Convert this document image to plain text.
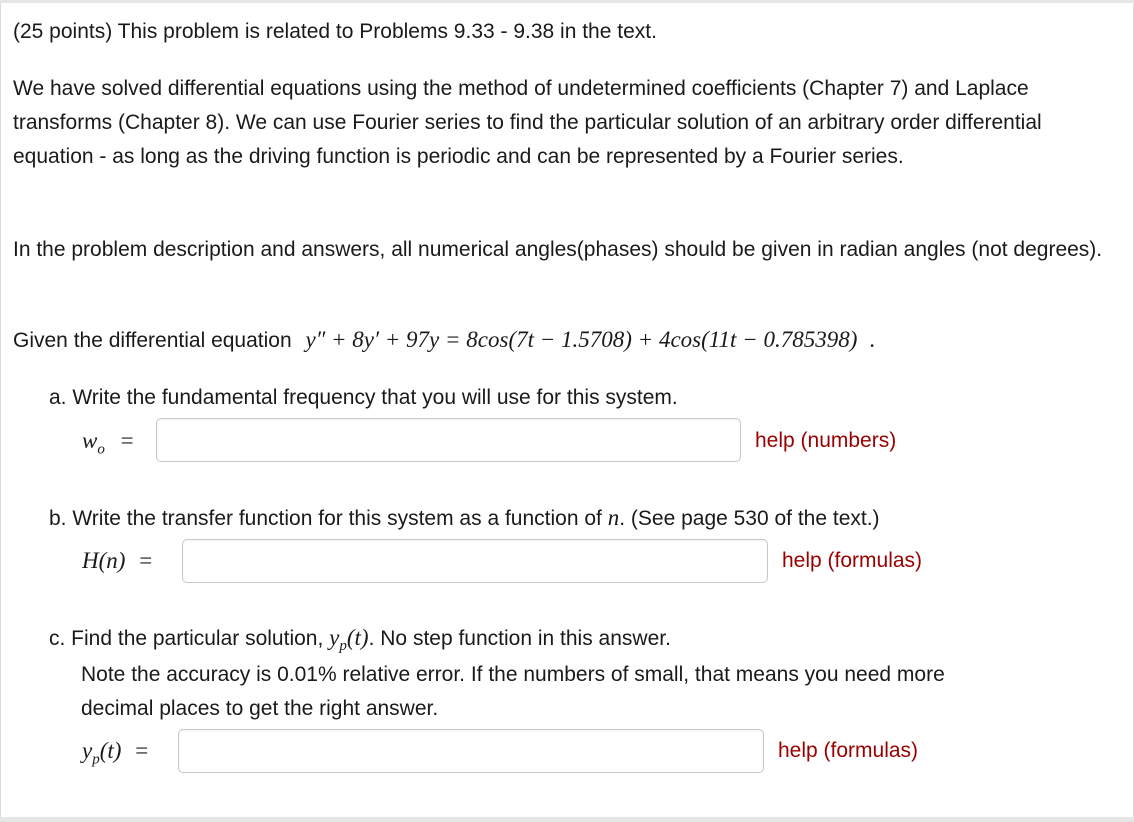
(25 points) This problem is related to Problems 9.33 - 9.38 in the text.

We have solved differential equations using the method of undetermined coefficients (Chapter 7) and Laplace transforms (Chapter 8). We can use Fourier series to find the particular solution of an arbitrary order differential equation - as long as the driving function is periodic and can be represented by a Fourier series.

In the problem description and answers, all numerical angles(phases) should be given in radian angles (not degrees).

Given the differential equation y″ + 8y′ + 97y = 8cos(7t − 1.5708) + 4cos(11t − 0.785398) .
a. Write the fundamental frequency that you will use for this system.
$w_o$ =	help (numbers)
b. Write the transfer function for this system as a function of n. (See page 530 of the text.)
H(n) =	help (formulas)
c. Find the particular solution, $y_p(t)$. No step function in this answer.
Note the accuracy is 0.01% relative error. If the numbers of small, that means you need more
decimal places to get the right answer.
$y_p(t)$ =	help (formulas)
